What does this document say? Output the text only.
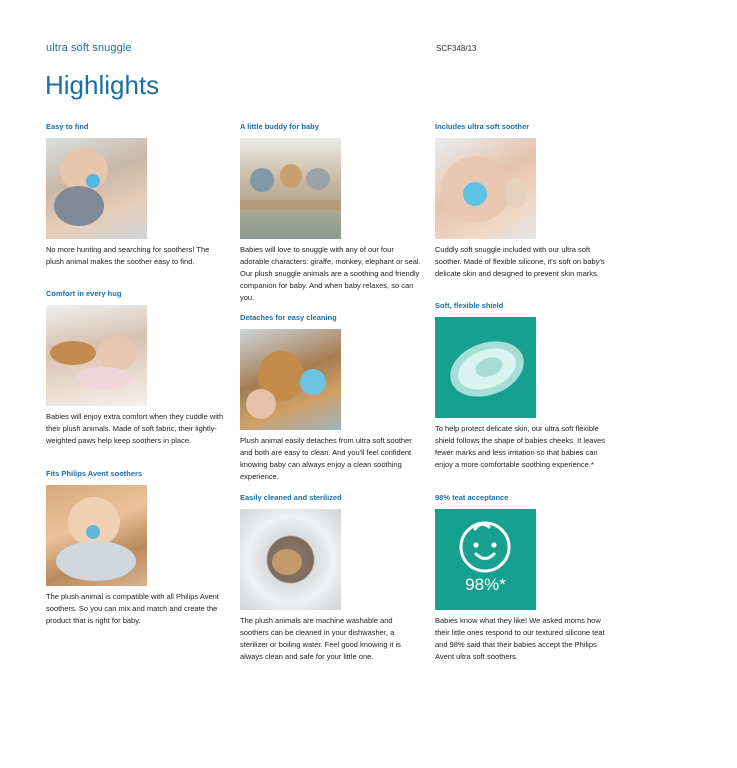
ultra soft snuggle	SCF348/13
Highlights
Easy to find

No more hunting and searching for soothers! The plush animal makes the soother easy to find.

Comfort in every hug

Babies will enjoy extra comfort when they cuddle with their plush animals. Made of soft fabric, their lightly-weighted paws help keep soothers in place.

Fits Philips Avent soothers

The plush animal is compatible with all Philips Avent soothers. So you can mix and match and create the product that is right for baby.

A little buddy for baby

Babies will love to snuggle with any of our four adorable characters: giraffe, monkey, elephant or seal. Our plush snuggle animals are a soothing and friendly companion for baby. And when baby relaxes, so can you.

Detaches for easy cleaning

Plush animal easily detaches from ultra soft soother and both are easy to clean. And you'll feel confident knowing baby can always enjoy a clean soothing experience.

Easily cleaned and sterilized

The plush animals are machine washable and soothers can be cleaned in your dishwasher, a sterilizer or boiling water. Feel good knowing it is always clean and safe for your little one.

Includes ultra soft soother

Cuddly soft snuggle included with our ultra soft soother. Made of flexible silicone, it's soft on baby's delicate skin and designed to prevent skin marks.

Soft, flexible shield

To help protect delicate skin, our ultra soft flexible shield follows the shape of babies cheeks. It leaves fewer marks and less irritation so that babies can enjoy a more comfortable soothing experience.*

98% teat acceptance
98%*

Babies know what they like! We asked moms how their little ones respond to our textured silicone teat and 98% said that their babies accept the Philips Avent ultra soft soothers.
